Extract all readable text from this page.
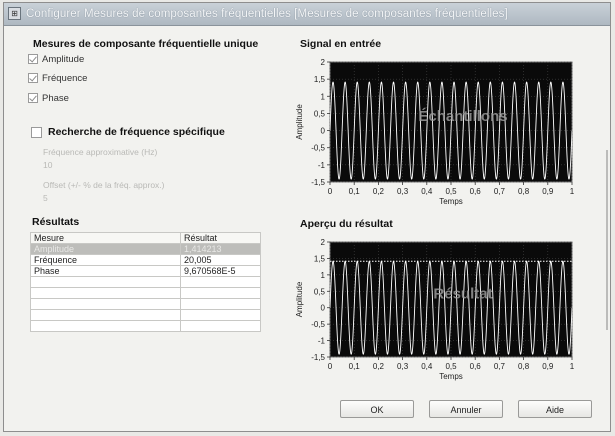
⊞ Configurer Mesures de composantes fréquentielles [Mesures de composantes fréquentielles]
Mesures de composante fréquentielle unique
Amplitude
Fréquence
Phase
Recherche de fréquence spécifique
Fréquence approximative (Hz)
10
Offset (+/- % de la fréq. approx.)
5
Résultats
Mesure	Résultat
Amplitude	1,414213
Fréquence	20,005
Phase	9,670568E-5

Signal en entrée
Aperçu du résultat
Échantillons
2
1,5
1
0,5
0
-0,5
-1
-1,5
0 0,1 0,2 0,3 0,4 0,5 0,6 0,7 0,8 0,9 1
Temps
Amplitude
Résultat
2
1,5
1
0,5
0
-0,5
-1
-1,5
0 0,1 0,2 0,3 0,4 0,5 0,6 0,7 0,8 0,9 1
Temps
Amplitude
OK	Annuler	Aide
